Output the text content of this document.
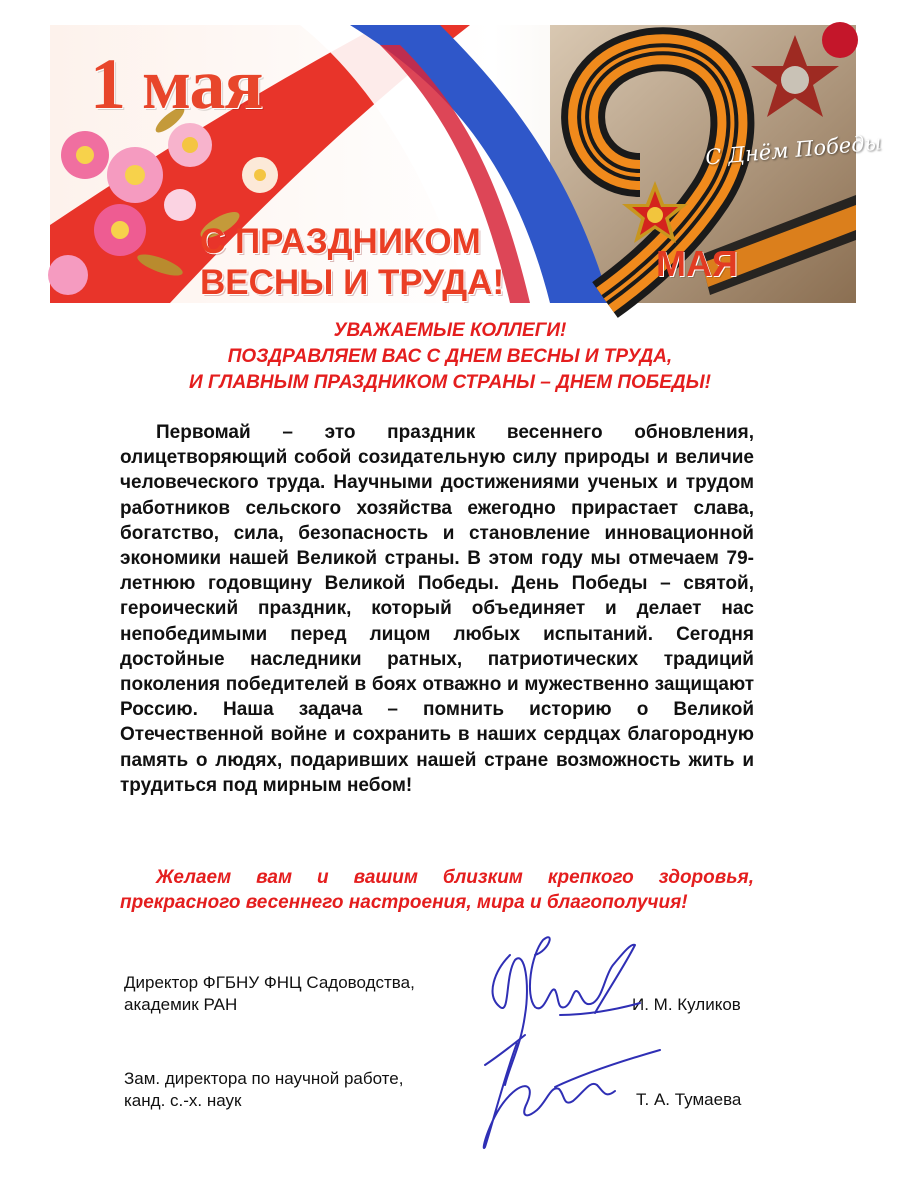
1 мая
С ПРАЗДНИКОМ
ВЕСНЫ И ТРУДА!	МАЯ
С Днём Победы
УВАЖАЕМЫЕ КОЛЛЕГИ!
ПОЗДРАВЛЯЕМ ВАС С ДНЕМ ВЕСНЫ И ТРУДА,
И ГЛАВНЫМ ПРАЗДНИКОМ СТРАНЫ – ДНЕМ ПОБЕДЫ!

Первомай – это праздник весеннего обновления, олицетворяющий собой созидательную силу природы и величие человеческого труда. Научными достижениями ученых и трудом работников сельского хозяйства ежегодно прирастает слава, богатство, сила, безопасность и становление инновационной экономики нашей Великой страны. В этом году мы отмечаем 79-летнюю годовщину Великой Победы. День Победы – святой, героический праздник, который объединяет и делает нас непобедимыми перед лицом любых испытаний. Сегодня достойные наследники ратных, патриотических традиций поколения победителей в боях отважно и мужественно защищают Россию. Наша задача – помнить историю о Великой Отечественной войне и сохранить в наших сердцах благородную память о людях, подаривших нашей стране возможность жить и трудиться под мирным небом!

Желаем вам и вашим близким крепкого здоровья, прекрасного весеннего настроения, мира и благополучия!

Директор ФГБНУ ФНЦ Садоводства,
академик РАН	И. М. Куликов
Зам. директора по научной работе,
канд. с.-х. наук	Т. А. Тумаева
